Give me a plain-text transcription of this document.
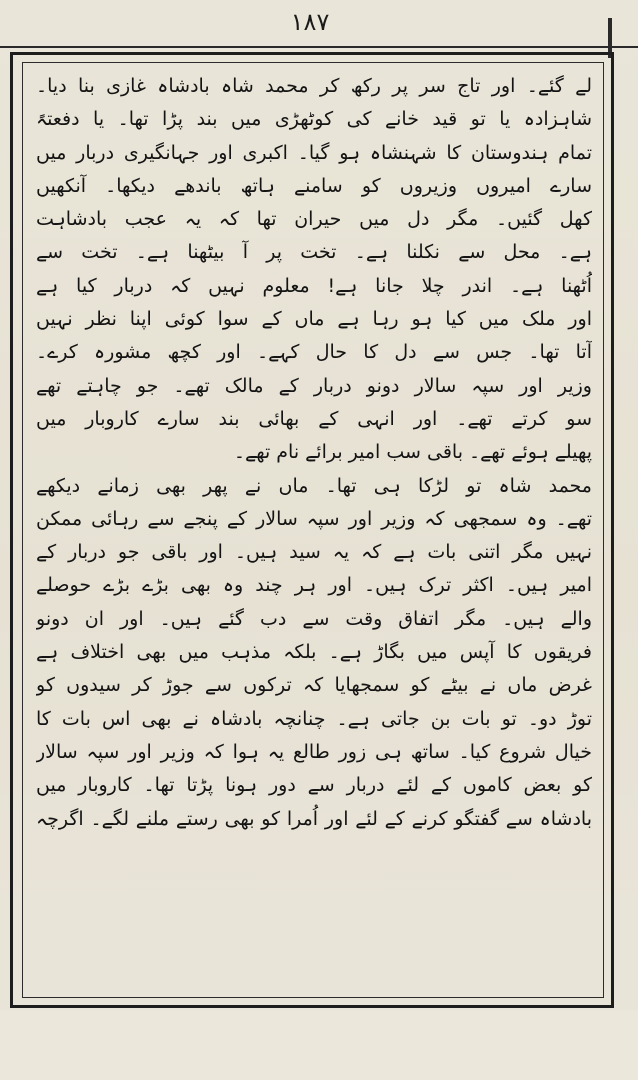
۱۸۷
لے گئے۔ اور تاج سر پر رکھ کر محمد شاہ بادشاہ غازی بنا دیا۔
شاہزادہ یا تو قید خانے کی کوٹھڑی میں بند پڑا تھا۔ یا دفعتہً
تمام ہندوستان کا شہنشاہ ہو گیا۔ اکبری اور جہانگیری دربار میں
سارے امیروں وزیروں کو سامنے ہاتھ باندھے دیکھا۔ آنکھیں
کھل گئیں۔ مگر دل میں حیران تھا کہ یہ عجب بادشاہت
ہے۔ محل سے نکلنا ہے۔ تخت پر آ بیٹھنا ہے۔ تخت سے
اُٹھنا ہے۔ اندر چلا جانا ہے! معلوم نہیں کہ دربار کیا ہے
اور ملک میں کیا ہو رہا ہے ماں کے سوا کوئی اپنا نظر نہیں
آتا تھا۔ جس سے دل کا حال کہے۔ اور کچھ مشورہ کرے۔
وزیر اور سپہ سالار دونو دربار کے مالک تھے۔ جو چاہتے تھے
سو کرتے تھے۔ اور انہی کے بھائی بند سارے کاروبار میں
پھیلے ہوئے تھے۔ باقی سب امیر برائے نام تھے۔
محمد شاہ تو لڑکا ہی تھا۔ ماں نے پھر بھی زمانے دیکھے
تھے۔ وہ سمجھی کہ وزیر اور سپہ سالار کے پنجے سے رہائی ممکن
نہیں مگر اتنی بات ہے کہ یہ سید ہیں۔ اور باقی جو دربار کے
امیر ہیں۔ اکثر ترک ہیں۔ اور ہر چند وہ بھی بڑے بڑے حوصلے
والے ہیں۔ مگر اتفاق وقت سے دب گئے ہیں۔ اور ان دونو
فریقوں کا آپس میں بگاڑ ہے۔ بلکہ مذہب میں بھی اختلاف ہے
غرض ماں نے بیٹے کو سمجھایا کہ ترکوں سے جوڑ کر سیدوں کو
توڑ دو۔ تو بات بن جاتی ہے۔ چنانچہ بادشاہ نے بھی اس بات کا
خیال شروع کیا۔ ساتھ ہی زور طالع یہ ہوا کہ وزیر اور سپہ سالار
کو بعض کاموں کے لئے دربار سے دور ہونا پڑتا تھا۔ کاروبار میں
بادشاہ سے گفتگو کرنے کے لئے اور اُمرا کو بھی رستے ملنے لگے۔ اگرچہ
